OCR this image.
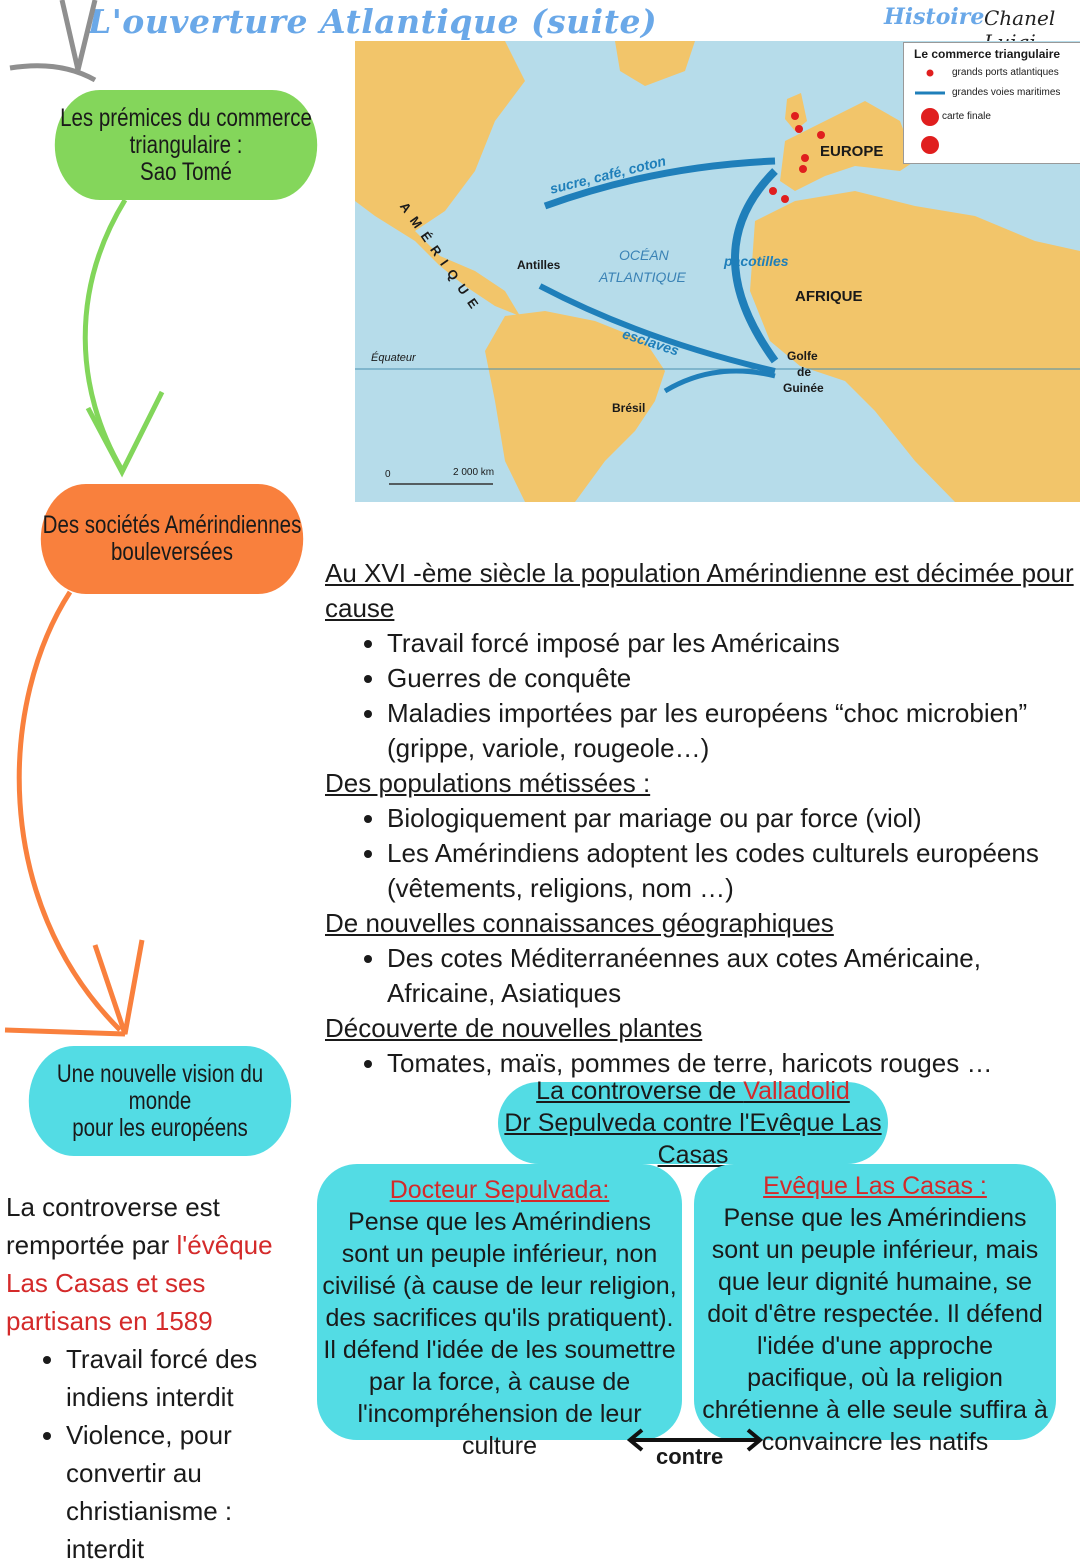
L'ouverture Atlantique (suite)	Histoire Chanel
Les prémices du commerce
triangulaire :
Sao Tomé
Des sociétés Amérindiennes
bouleversées
Une nouvelle vision du monde
pour les européens
EUROPE
AFRIQUE
AMÉRIQUE	Antilles
OCÉAN
ATLANTIQUE
Golfe
de
Guinée
Brésil
Équateur
sucre, café, coton
pacotilles
esclaves
0	2 000 km
Le commerce triangulaire
grands ports atlantiques
grandes voies maritimes
carte finale
Au XVI -ème siècle la population Amérindienne est décimée pour cause
• Travail forcé imposé par les Américains
• Guerres de conquête
• Maladies importées par les européens “choc microbien” (grippe, variole, rougeole…)
Des populations métissées :
• Biologiquement par mariage ou par force (viol)
• Les Amérindiens adoptent les codes culturels européens (vêtements, religions, nom …)
De nouvelles connaissances géographiques
• Des cotes Méditerranéennes aux cotes Américaine, Africaine, Asiatiques
Découverte de nouvelles plantes
• Tomates, maïs, pommes de terre, haricots rouges …
La controverse est remportée par l'évêque Las Casas et ses partisans en 1589
• Travail forcé des indiens interdit
• Violence, pour convertir au christianisme : interdit
La controverse de Valladolid
Dr Sepulveda contre l'Evêque Las Casas
Docteur Sepulvada:
Pense que les Amérindiens sont un peuple inférieur, non civilisé (à cause de leur religion, des sacrifices qu'ils pratiquent). Il défend l'idée de les soumettre par la force, à cause de l'incompréhension de leur culture
Evêque Las Casas :
Pense que les Amérindiens sont un peuple inférieur, mais que leur dignité humaine, se doit d'être respectée. Il défend l'idée d'une approche pacifique, où la religion chrétienne à elle seule suffira à convaincre les natifs
contre
